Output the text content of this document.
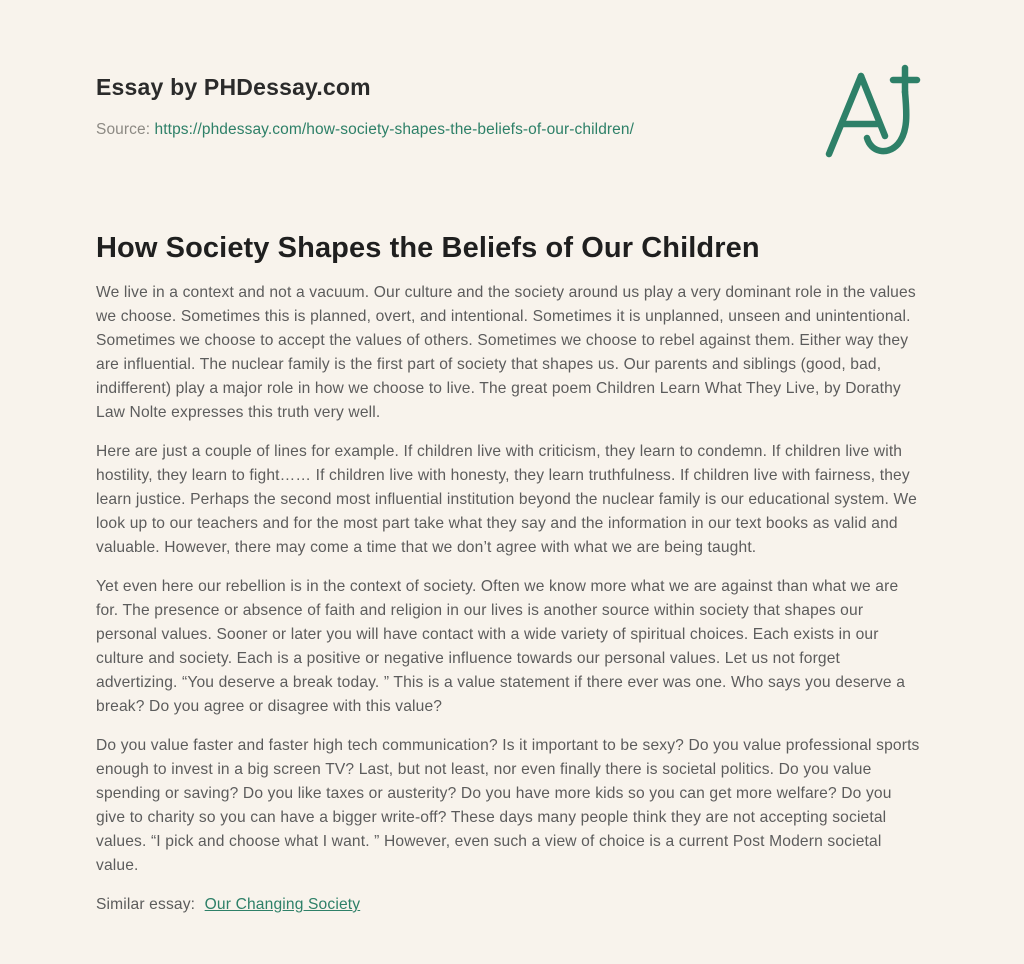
Essay by PHDessay.com
Source: https://phdessay.com/how-society-shapes-the-beliefs-of-our-children/
How Society Shapes the Beliefs of Our Children

We live in a context and not a vacuum. Our culture and the society around us play a very dominant role in the values we choose. Sometimes this is planned, overt, and intentional. Sometimes it is unplanned, unseen and unintentional. Sometimes we choose to accept the values of others. Sometimes we choose to rebel against them. Either way they are influential. The nuclear family is the first part of society that shapes us. Our parents and siblings (good, bad, indifferent) play a major role in how we choose to live. The great poem Children Learn What They Live, by Dorathy Law Nolte expresses this truth very well.

Here are just a couple of lines for example. If children live with criticism, they learn to condemn. If children live with hostility, they learn to fight…… If children live with honesty, they learn truthfulness. If children live with fairness, they learn justice. Perhaps the second most influential institution beyond the nuclear family is our educational system. We look up to our teachers and for the most part take what they say and the information in our text books as valid and valuable. However, there may come a time that we don’t agree with what we are being taught.

Yet even here our rebellion is in the context of society. Often we know more what we are against than what we are for. The presence or absence of faith and religion in our lives is another source within society that shapes our personal values. Sooner or later you will have contact with a wide variety of spiritual choices. Each exists in our culture and society. Each is a positive or negative influence towards our personal values. Let us not forget advertizing. “You deserve a break today. ” This is a value statement if there ever was one. Who says you deserve a break? Do you agree or disagree with this value?

Do you value faster and faster high tech communication? Is it important to be sexy? Do you value professional sports enough to invest in a big screen TV? Last, but not least, nor even finally there is societal politics. Do you value spending or saving? Do you like taxes or austerity? Do you have more kids so you can get more welfare? Do you give to charity so you can have a bigger write-off? These days many people think they are not accepting societal values. “I pick and choose what I want. ” However, even such a view of choice is a current Post Modern societal value.

Similar essay: Our Changing Society
